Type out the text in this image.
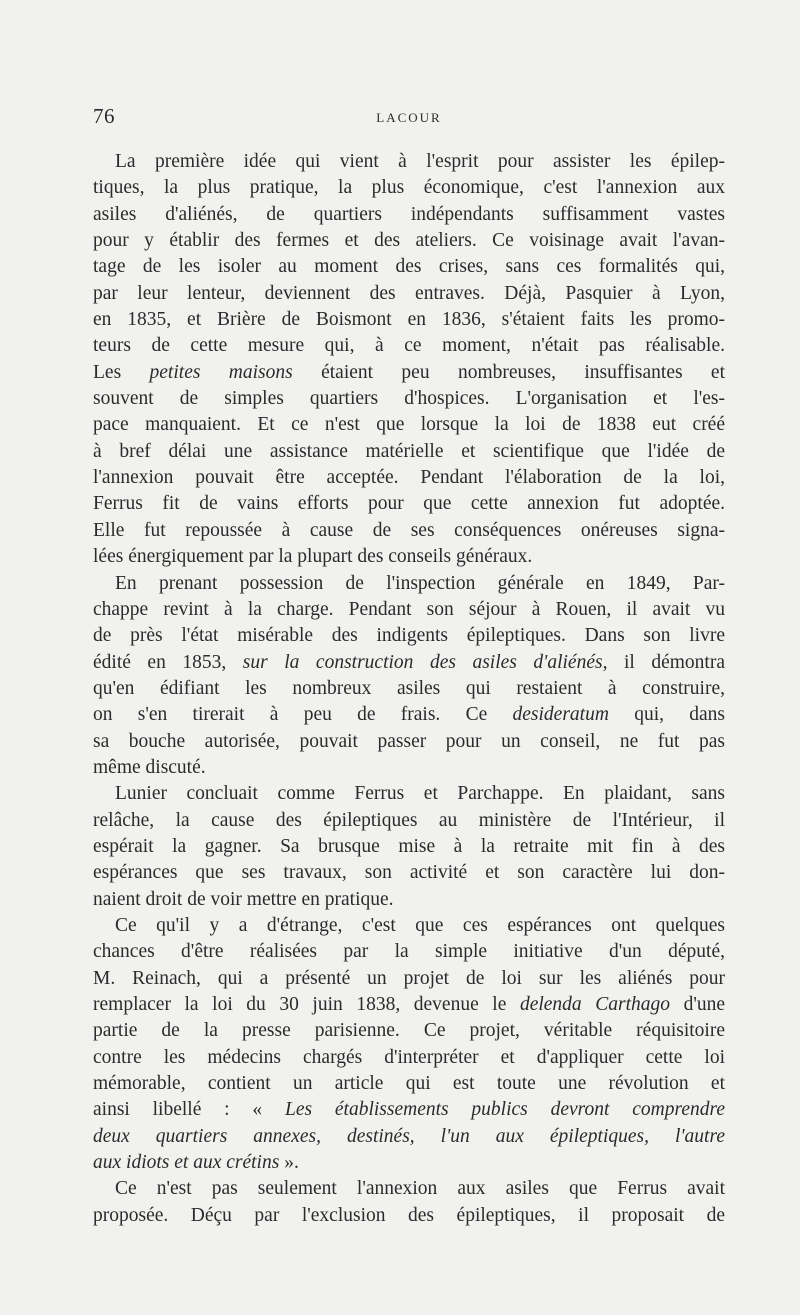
76	LACOUR
La première idée qui vient à l'esprit pour assister les épilep-
tiques, la plus pratique, la plus économique, c'est l'annexion aux
asiles d'aliénés, de quartiers indépendants suffisamment vastes
pour y établir des fermes et des ateliers. Ce voisinage avait l'avan-
tage de les isoler au moment des crises, sans ces formalités qui,
par leur lenteur, deviennent des entraves. Déjà, Pasquier à Lyon,
en 1835, et Brière de Boismont en 1836, s'étaient faits les promo-
teurs de cette mesure qui, à ce moment, n'était pas réalisable.
Les petites maisons étaient peu nombreuses, insuffisantes et
souvent de simples quartiers d'hospices. L'organisation et l'es-
pace manquaient. Et ce n'est que lorsque la loi de 1838 eut créé
à bref délai une assistance matérielle et scientifique que l'idée de
l'annexion pouvait être acceptée. Pendant l'élaboration de la loi,
Ferrus fit de vains efforts pour que cette annexion fut adoptée.
Elle fut repoussée à cause de ses conséquences onéreuses signa-
lées énergiquement par la plupart des conseils généraux.
En prenant possession de l'inspection générale en 1849, Par-
chappe revint à la charge. Pendant son séjour à Rouen, il avait vu
de près l'état misérable des indigents épileptiques. Dans son livre
édité en 1853, sur la construction des asiles d'aliénés, il démontra
qu'en édifiant les nombreux asiles qui restaient à construire,
on s'en tirerait à peu de frais. Ce desideratum qui, dans
sa bouche autorisée, pouvait passer pour un conseil, ne fut pas
même discuté.
Lunier concluait comme Ferrus et Parchappe. En plaidant, sans
relâche, la cause des épileptiques au ministère de l'Intérieur, il
espérait la gagner. Sa brusque mise à la retraite mit fin à des
espérances que ses travaux, son activité et son caractère lui don-
naient droit de voir mettre en pratique.
Ce qu'il y a d'étrange, c'est que ces espérances ont quelques
chances d'être réalisées par la simple initiative d'un député,
M. Reinach, qui a présenté un projet de loi sur les aliénés pour
remplacer la loi du 30 juin 1838, devenue le delenda Carthago d'une
partie de la presse parisienne. Ce projet, véritable réquisitoire
contre les médecins chargés d'interpréter et d'appliquer cette loi
mémorable, contient un article qui est toute une révolution et
ainsi libellé : « Les établissements publics devront comprendre
deux quartiers annexes, destinés, l'un aux épileptiques, l'autre
aux idiots et aux crétins ».
Ce n'est pas seulement l'annexion aux asiles que Ferrus avait
proposée. Déçu par l'exclusion des épileptiques, il proposait de
